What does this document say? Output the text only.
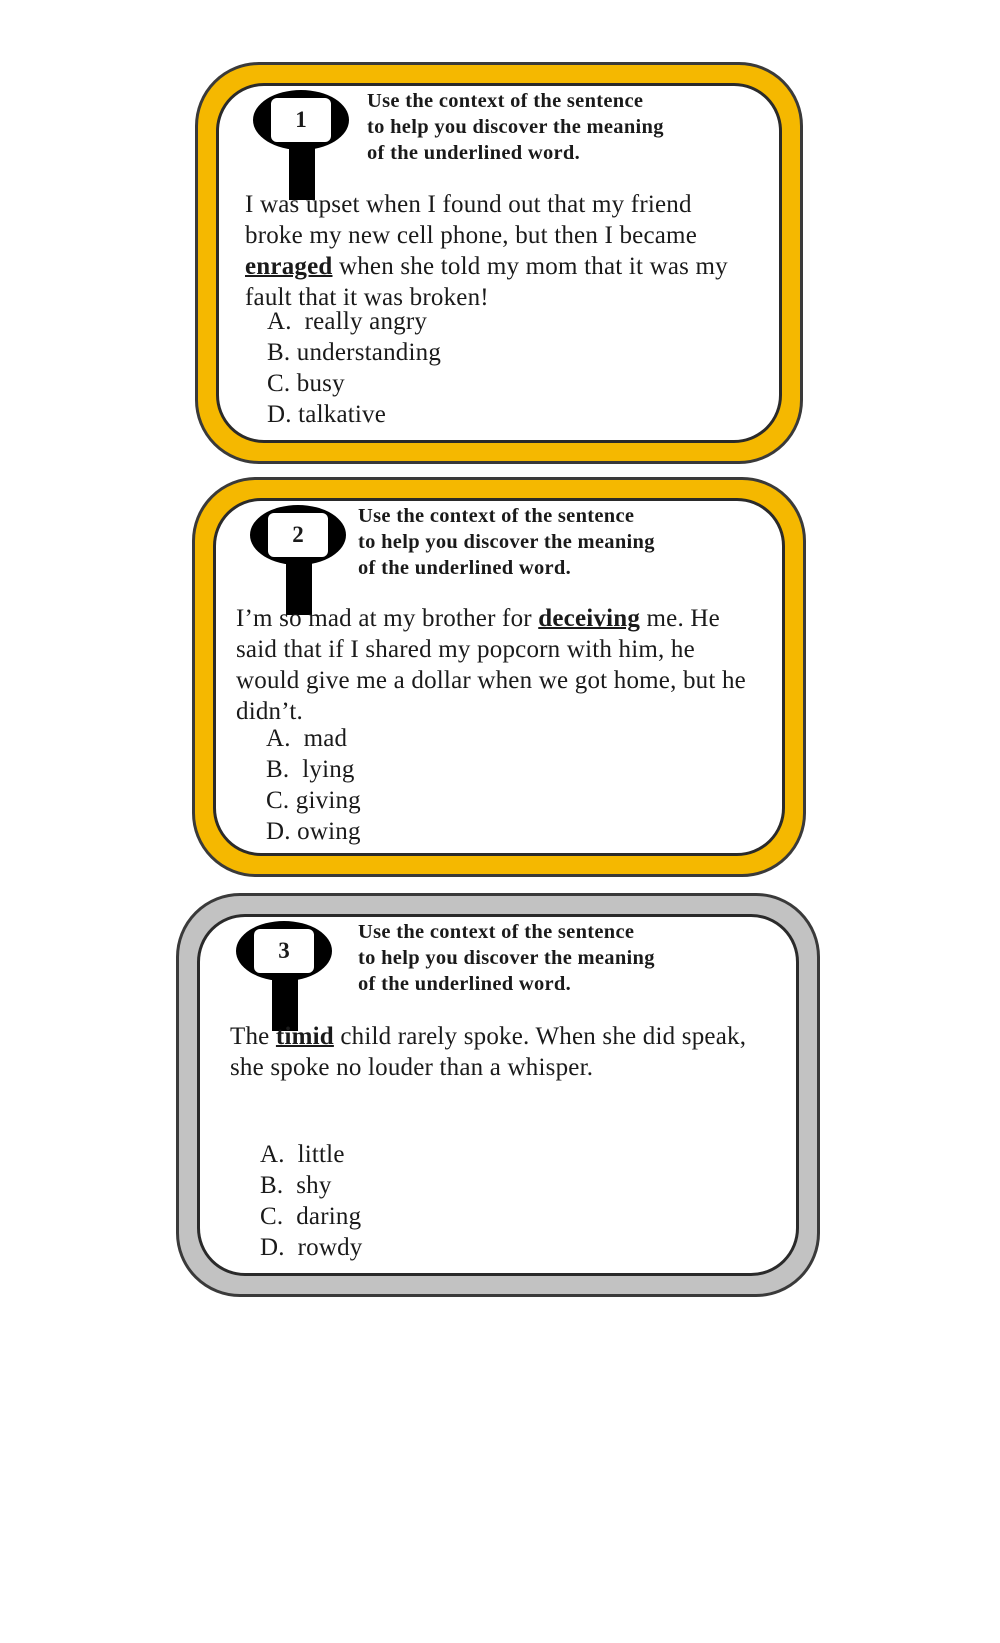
1
Use the context of the sentence
to help you discover the meaning
of the underlined word.
I was upset when I found out that my friend broke my new cell phone, but then I became enraged when she told my mom that it was my fault that it was broken!
A.  really angry
B. understanding
C. busy
D. talkative
2
Use the context of the sentence
to help you discover the meaning
of the underlined word.
I’m so mad at my brother for deceiving me. He said that if I shared my popcorn with him, he would give me a dollar when we got home, but he didn’t.
A.  mad
B.  lying
C. giving
D. owing
3
Use the context of the sentence
to help you discover the meaning
of the underlined word.
The timid child rarely spoke. When she did speak, she spoke no louder than a whisper.
A.  little
B.  shy
C.  daring
D.  rowdy
